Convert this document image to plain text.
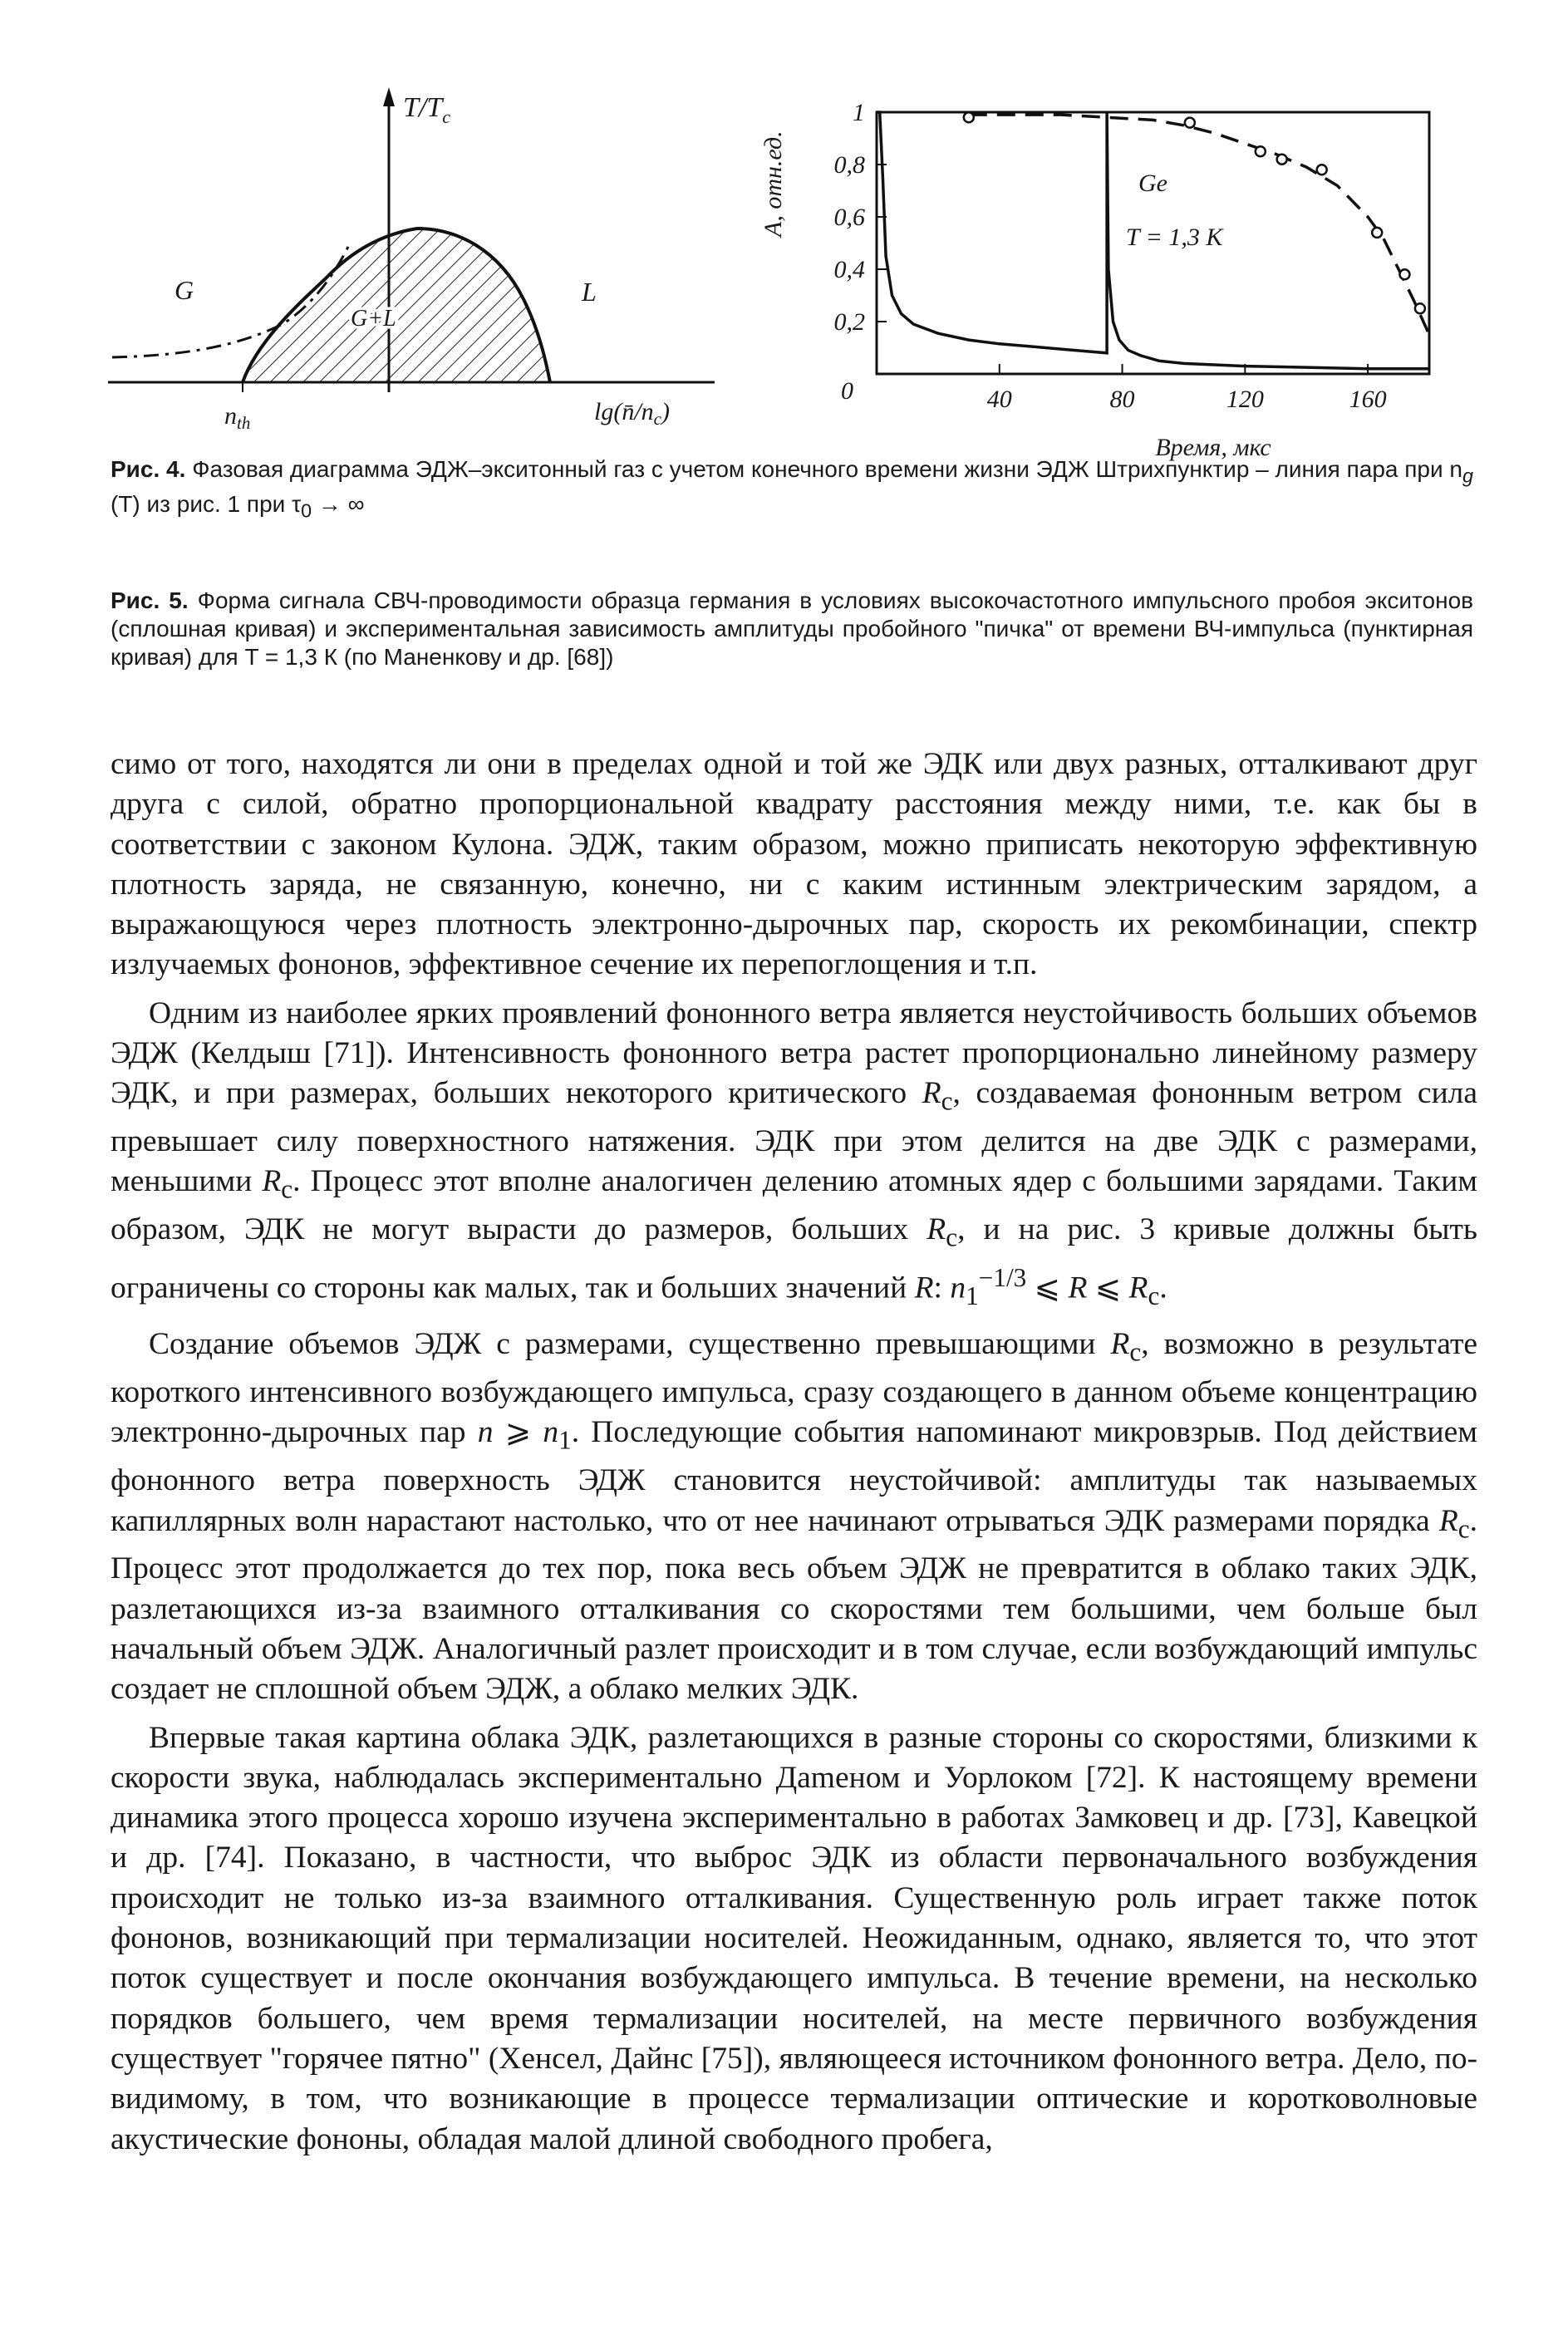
$T/T_c$
G
G+L
L
$n_{th}$	$\lg(n̄/n_c)$	40	80	120	160
0,2
0,4
0,6
0,8
1
0
A, отн.ед.
Время, мкс
Ge
T = 1,3 K
Рис. 4. Фазовая диаграмма ЭДЖ–экситонный газ с учетом конечного времени жизни ЭДЖ Штрихпунктир – линия пара при $n_g$ (T) из рис. 1 при $\tau_0$ → ∞
Рис. 5. Форма сигнала СВЧ-проводимости образца германия в условиях высокочастотного импульсного пробоя экситонов (сплошная кривая) и экспериментальная зависимость амплитуды пробойного "пичка" от времени ВЧ-импульса (пунктирная кривая) для T = 1,3 К (по Маненкову и др. [68])

симо от того, находятся ли они в пределах одной и той же ЭДК или двух разных, отталкивают друг друга с силой, обратно пропорциональной квадрату расстояния между ними, т.е. как бы в соответствии с законом Кулона. ЭДЖ, таким образом, можно приписать некоторую эффективную плотность заряда, не связанную, конечно, ни с каким истинным электрическим зарядом, а выражающуюся через плотность электронно-дырочных пар, скорость их рекомбинации, спектр излучаемых фононов, эффективное сечение их перепоглощения и т.п.

Одним из наиболее ярких проявлений фононного ветра является неустойчивость больших объемов ЭДЖ (Келдыш [71]). Интенсивность фононного ветра растет пропорционально линейному размеру ЭДК, и при размерах, больших некоторого критического $R_c$, создаваемая фононным ветром сила превышает силу поверхностного натяжения. ЭДК при этом делится на две ЭДК с размерами, меньшими $R_c$. Процесс этот вполне аналогичен делению атомных ядер с большими зарядами. Таким образом, ЭДК не могут вырасти до размеров, больших $R_c$, и на рис. 3 кривые должны быть ограничены со стороны как малых, так и больших значений R: $n_1^{-1/3}$ ⩽ R ⩽ $R_c$.

Создание объемов ЭДЖ с размерами, существенно превышающими $R_c$, возможно в результате короткого интенсивного возбуждающего импульса, сразу создающего в данном объеме концентрацию электронно-дырочных пар n ⩾ $n_1$. Последующие события напоминают микровзрыв. Под действием фононного ветра поверхность ЭДЖ становится неустойчивой: амплитуды так называемых капиллярных волн нарастают настолько, что от нее начинают отрываться ЭДК размерами порядка $R_c$. Процесс этот продолжается до тех пор, пока весь объем ЭДЖ не превратится в облако таких ЭДК, разлетающихся из-за взаимного отталкивания со скоростями тем большими, чем больше был начальный объем ЭДЖ. Аналогичный разлет происходит и в том случае, если возбуждающий импульс создает не сплошной объем ЭДЖ, а облако мелких ЭДК.

Впервые такая картина облака ЭДК, разлетающихся в разные стороны со скоростями, близкими к скорости звука, наблюдалась экспериментально Дameном и Уорлоком [72]. К настоящему времени динамика этого процесса хорошо изучена экспериментально в работах Замковец и др. [73], Кавецкой и др. [74]. Показано, в частности, что выброс ЭДК из области первоначального возбуждения происходит не только из-за взаимного отталкивания. Существенную роль играет также поток фононов, возникающий при термализации носителей. Неожиданным, однако, является то, что этот поток существует и после окончания возбуждающего импульса. В течение времени, на несколько порядков большего, чем время термализации носителей, на месте первичного возбуждения существует "горячее пятно" (Хенсел, Дайнс [75]), являющееся источником фононного ветра. Дело, по-видимому, в том, что возникающие в процессе термализации оптические и коротковолновые акустические фононы, обладая малой длиной свободного пробега,
